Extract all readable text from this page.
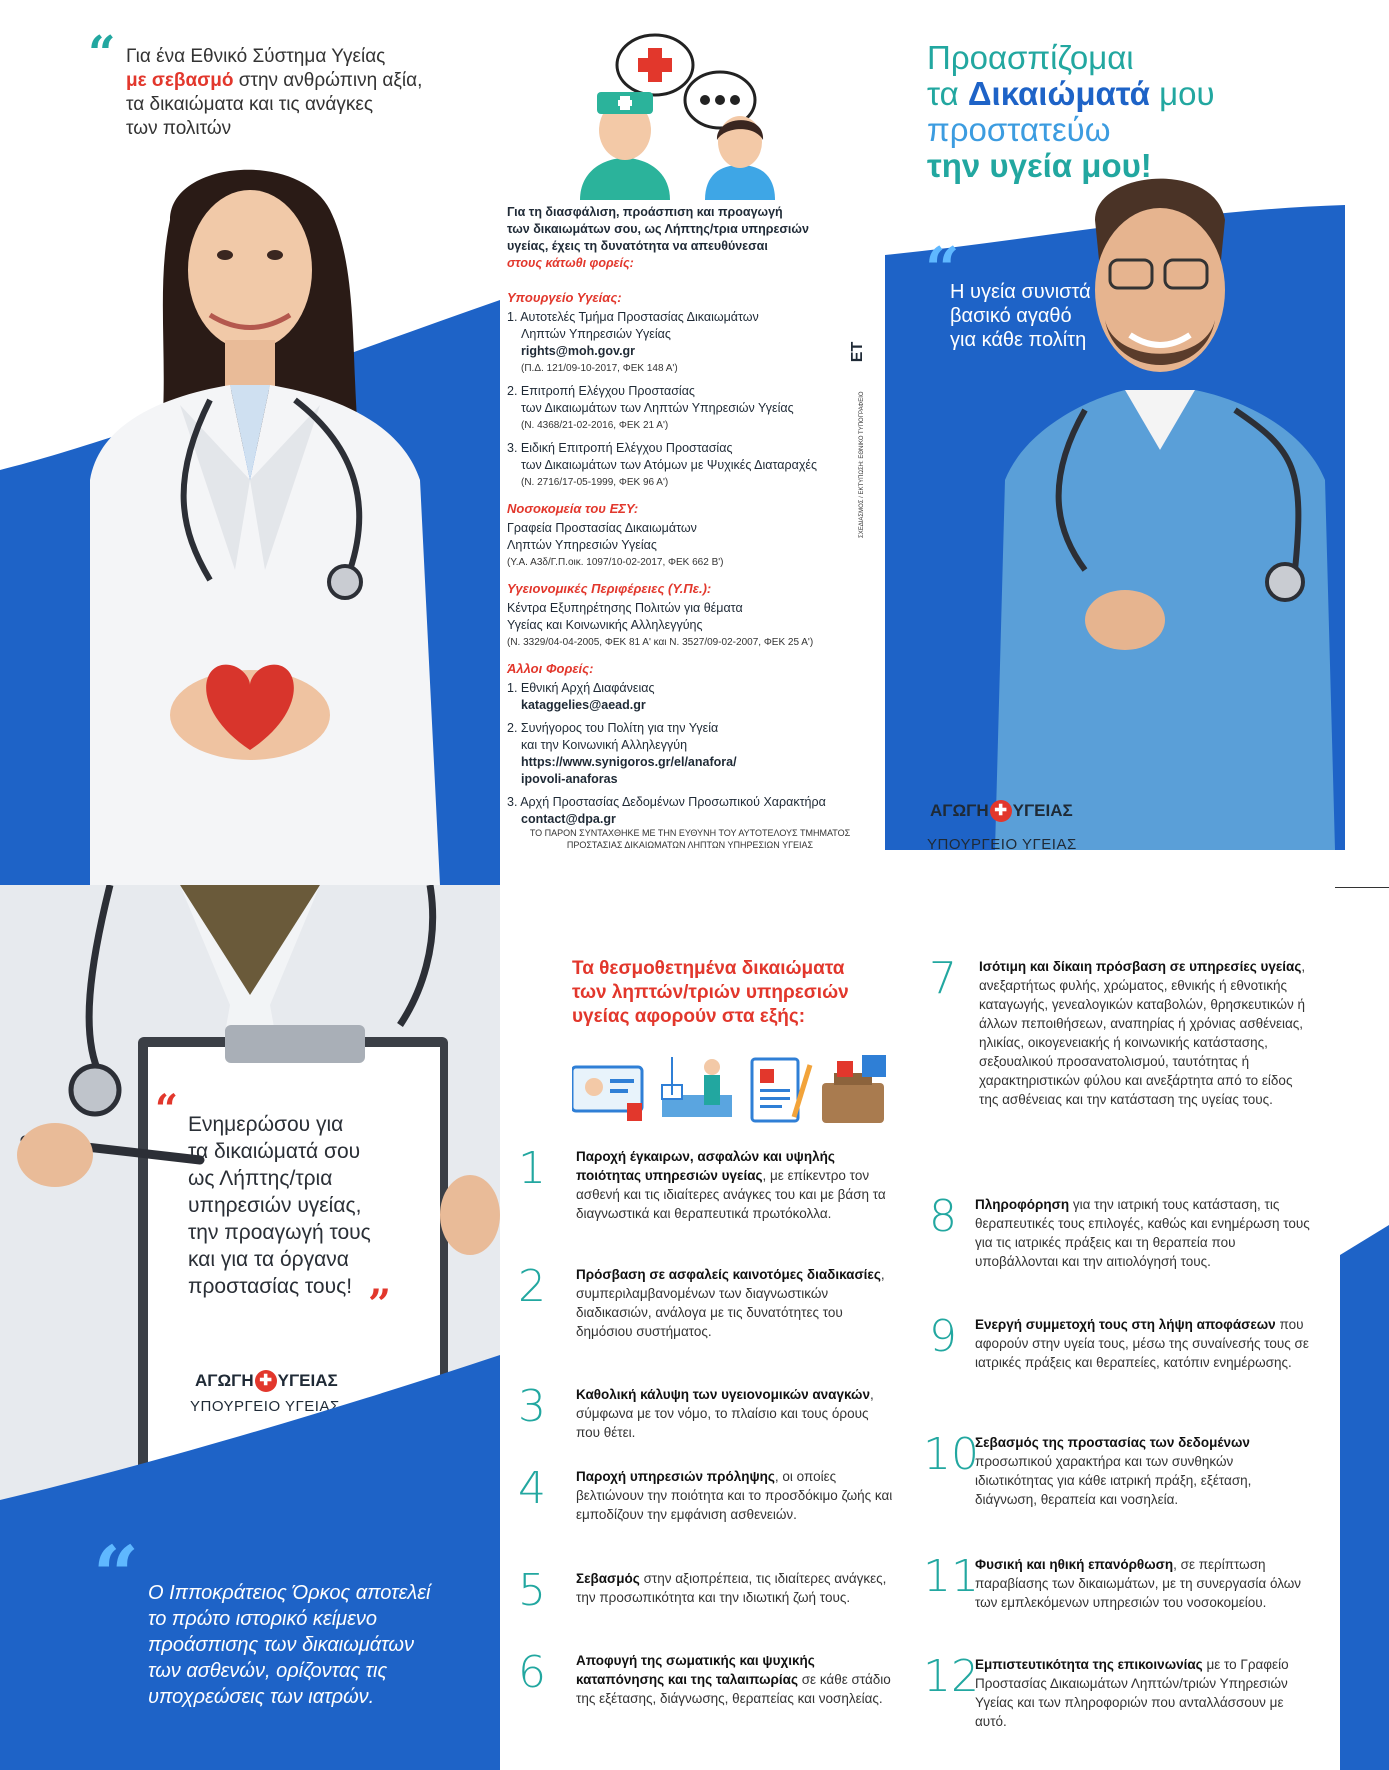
“ Για ένα Εθνικό Σύστημα Υγείας
με σεβασμό στην ανθρώπινη αξία,
τα δικαιώματα και τις ανάγκες
των πολιτών
Για τη διασφάλιση, προάσπιση και προαγωγή
των δικαιωμάτων σου, ως Λήπτης/τρια υπηρεσιών
υγείας, έχεις τη δυνατότητα να απευθύνεσαι
στους κάτωθι φορείς:
Υπουργείο Υγείας:
1. Αυτοτελές Τμήμα Προστασίας Δικαιωμάτων
Ληπτών Υπηρεσιών Υγείας
rights@moh.gov.gr
(Π.Δ. 121/09-10-2017, ΦΕΚ 148 Α')
2. Επιτροπή Ελέγχου Προστασίας
των Δικαιωμάτων των Ληπτών Υπηρεσιών Υγείας
(Ν. 4368/21-02-2016, ΦΕΚ 21 Α')
3. Ειδική Επιτροπή Ελέγχου Προστασίας
των Δικαιωμάτων των Ατόμων με Ψυχικές Διαταραχές
(Ν. 2716/17-05-1999, ΦΕΚ 96 Α')
Νοσοκομεία του ΕΣΥ:
Γραφεία Προστασίας Δικαιωμάτων
Ληπτών Υπηρεσιών Υγείας
(Υ.Α. Α3δ/Γ.Π.οικ. 1097/10-02-2017, ΦΕΚ 662 Β')
Υγειονομικές Περιφέρειες (Υ.Πε.):
Κέντρα Εξυπηρέτησης Πολιτών για θέματα
Υγείας και Κοινωνικής Αλληλεγγύης
(Ν. 3329/04-04-2005, ΦΕΚ 81 Α' και Ν. 3527/09-02-2007, ΦΕΚ 25 Α')
Άλλοι Φορείς:
1. Εθνική Αρχή Διαφάνειας
kataggelies@aead.gr
2. Συνήγορος του Πολίτη για την Υγεία
και την Κοινωνική Αλληλεγγύη
https://www.synigoros.gr/el/anafora/
ipovoli-anaforas
3. Αρχή Προστασίας Δεδομένων Προσωπικού Χαρακτήρα
contact@dpa.gr
ΤΟ ΠΑΡΟΝ ΣΥΝΤΑΧΘΗΚΕ ΜΕ ΤΗΝ ΕΥΘΥΝΗ ΤΟΥ ΑΥΤΟΤΕΛΟΥΣ ΤΜΗΜΑΤΟΣ
ΠΡΟΣΤΑΣΙΑΣ ΔΙΚΑΙΩΜΑΤΩΝ ΛΗΠΤΩΝ ΥΠΗΡΕΣΙΩΝ ΥΓΕΙΑΣ
ΕΤ
ΣΧΕΔΙΑΣΜΟΣ / ΕΚΤΥΠΩΣΗ: ΕΘΝΙΚΟ ΤΥΠΟΓΡΑΦΕΙΟ
Προασπίζομαι
τα Δικαιώματά μου
προστατεύω
την υγεία μου!
“
Η υγεία συνιστά
βασικό αγαθό
για κάθε πολίτη
ΑΓΩΓΗ ✚ ΥΓΕΙΑΣ
ΥΠΟΥΡΓΕΙΟ ΥΓΕΙΑΣ
“ Ενημερώσου για
τα δικαιώματά σου
ως Λήπτης/τρια
υπηρεσιών υγείας,
την προαγωγή τους
και για τα όργανα
προστασίας τους! ”
ΑΓΩΓΗ ✚ ΥΓΕΙΑΣ
ΥΠΟΥΡΓΕΙΟ ΥΓΕΙΑΣ
“ Ο Ιπποκράτειος Όρκος αποτελεί
το πρώτο ιστορικό κείμενο
προάσπισης των δικαιωμάτων
των ασθενών, ορίζοντας τις
υποχρεώσεις των ιατρών.
Τα θεσμοθετημένα δικαιώματα
των ληπτών/τριών υπηρεσιών
υγείας αφορούν στα εξής:
1	Παροχή έγκαιρων, ασφαλών και υψηλής ποιότητας υπηρεσιών υγείας, με επίκεντρο τον ασθενή και τις ιδιαίτερες ανάγκες του και με βάση τα διαγνωστικά και θεραπευτικά πρωτόκολλα.
2	Πρόσβαση σε ασφαλείς καινοτόμες διαδικασίες, συμπεριλαμβανομένων των διαγνωστικών διαδικασιών, ανάλογα με τις δυνατότητες του δημόσιου συστήματος.
3	Καθολική κάλυψη των υγειονομικών αναγκών, σύμφωνα με τον νόμο, το πλαίσιο και τους όρους που θέτει.
4	Παροχή υπηρεσιών πρόληψης, οι οποίες βελτιώνουν την ποιότητα και το προσδόκιμο ζωής και εμποδίζουν την εμφάνιση ασθενειών.
5	Σεβασμός στην αξιοπρέπεια, τις ιδιαίτερες ανάγκες, την προσωπικότητα και την ιδιωτική ζωή τους.
6	Αποφυγή της σωματικής και ψυχικής καταπόνησης και της ταλαιπωρίας σε κάθε στάδιο της εξέτασης, διάγνωσης, θεραπείας και νοσηλείας.
7	Ισότιμη και δίκαιη πρόσβαση σε υπηρεσίες υγείας, ανεξαρτήτως φυλής, χρώματος, εθνικής ή εθνοτικής καταγωγής, γενεαλογικών καταβολών, θρησκευτικών ή άλλων πεποιθήσεων, αναπηρίας ή χρόνιας ασθένειας, ηλικίας, οικογενειακής ή κοινωνικής κατάστασης, σεξουαλικού προσανατολισμού, ταυτότητας ή χαρακτηριστικών φύλου και ανεξάρτητα από το είδος της ασθένειας και την κατάσταση της υγείας τους.
8	Πληροφόρηση για την ιατρική τους κατάσταση, τις θεραπευτικές τους επιλογές, καθώς και ενημέρωση τους για τις ιατρικές πράξεις και τη θεραπεία που υποβάλλονται και την αιτιολόγησή τους.
9	Ενεργή συμμετοχή τους στη λήψη αποφάσεων που αφορούν στην υγεία τους, μέσω της συναίνεσής τους σε ιατρικές πράξεις και θεραπείες, κατόπιν ενημέρωσης.
10
Σεβασμός της προστασίας των δεδομένων προσωπικού χαρακτήρα και των συνθηκών ιδιωτικότητας για κάθε ιατρική πράξη, εξέταση, διάγνωση, θεραπεία και νοσηλεία.
11
Φυσική και ηθική επανόρθωση, σε περίπτωση παραβίασης των δικαιωμάτων, με τη συνεργασία όλων των εμπλεκόμενων υπηρεσιών του νοσοκομείου.
12
Εμπιστευτικότητα της επικοινωνίας με το Γραφείο Προστασίας Δικαιωμάτων Ληπτών/τριών Υπηρεσιών Υγείας και των πληροφοριών που ανταλλάσσουν με αυτό.
